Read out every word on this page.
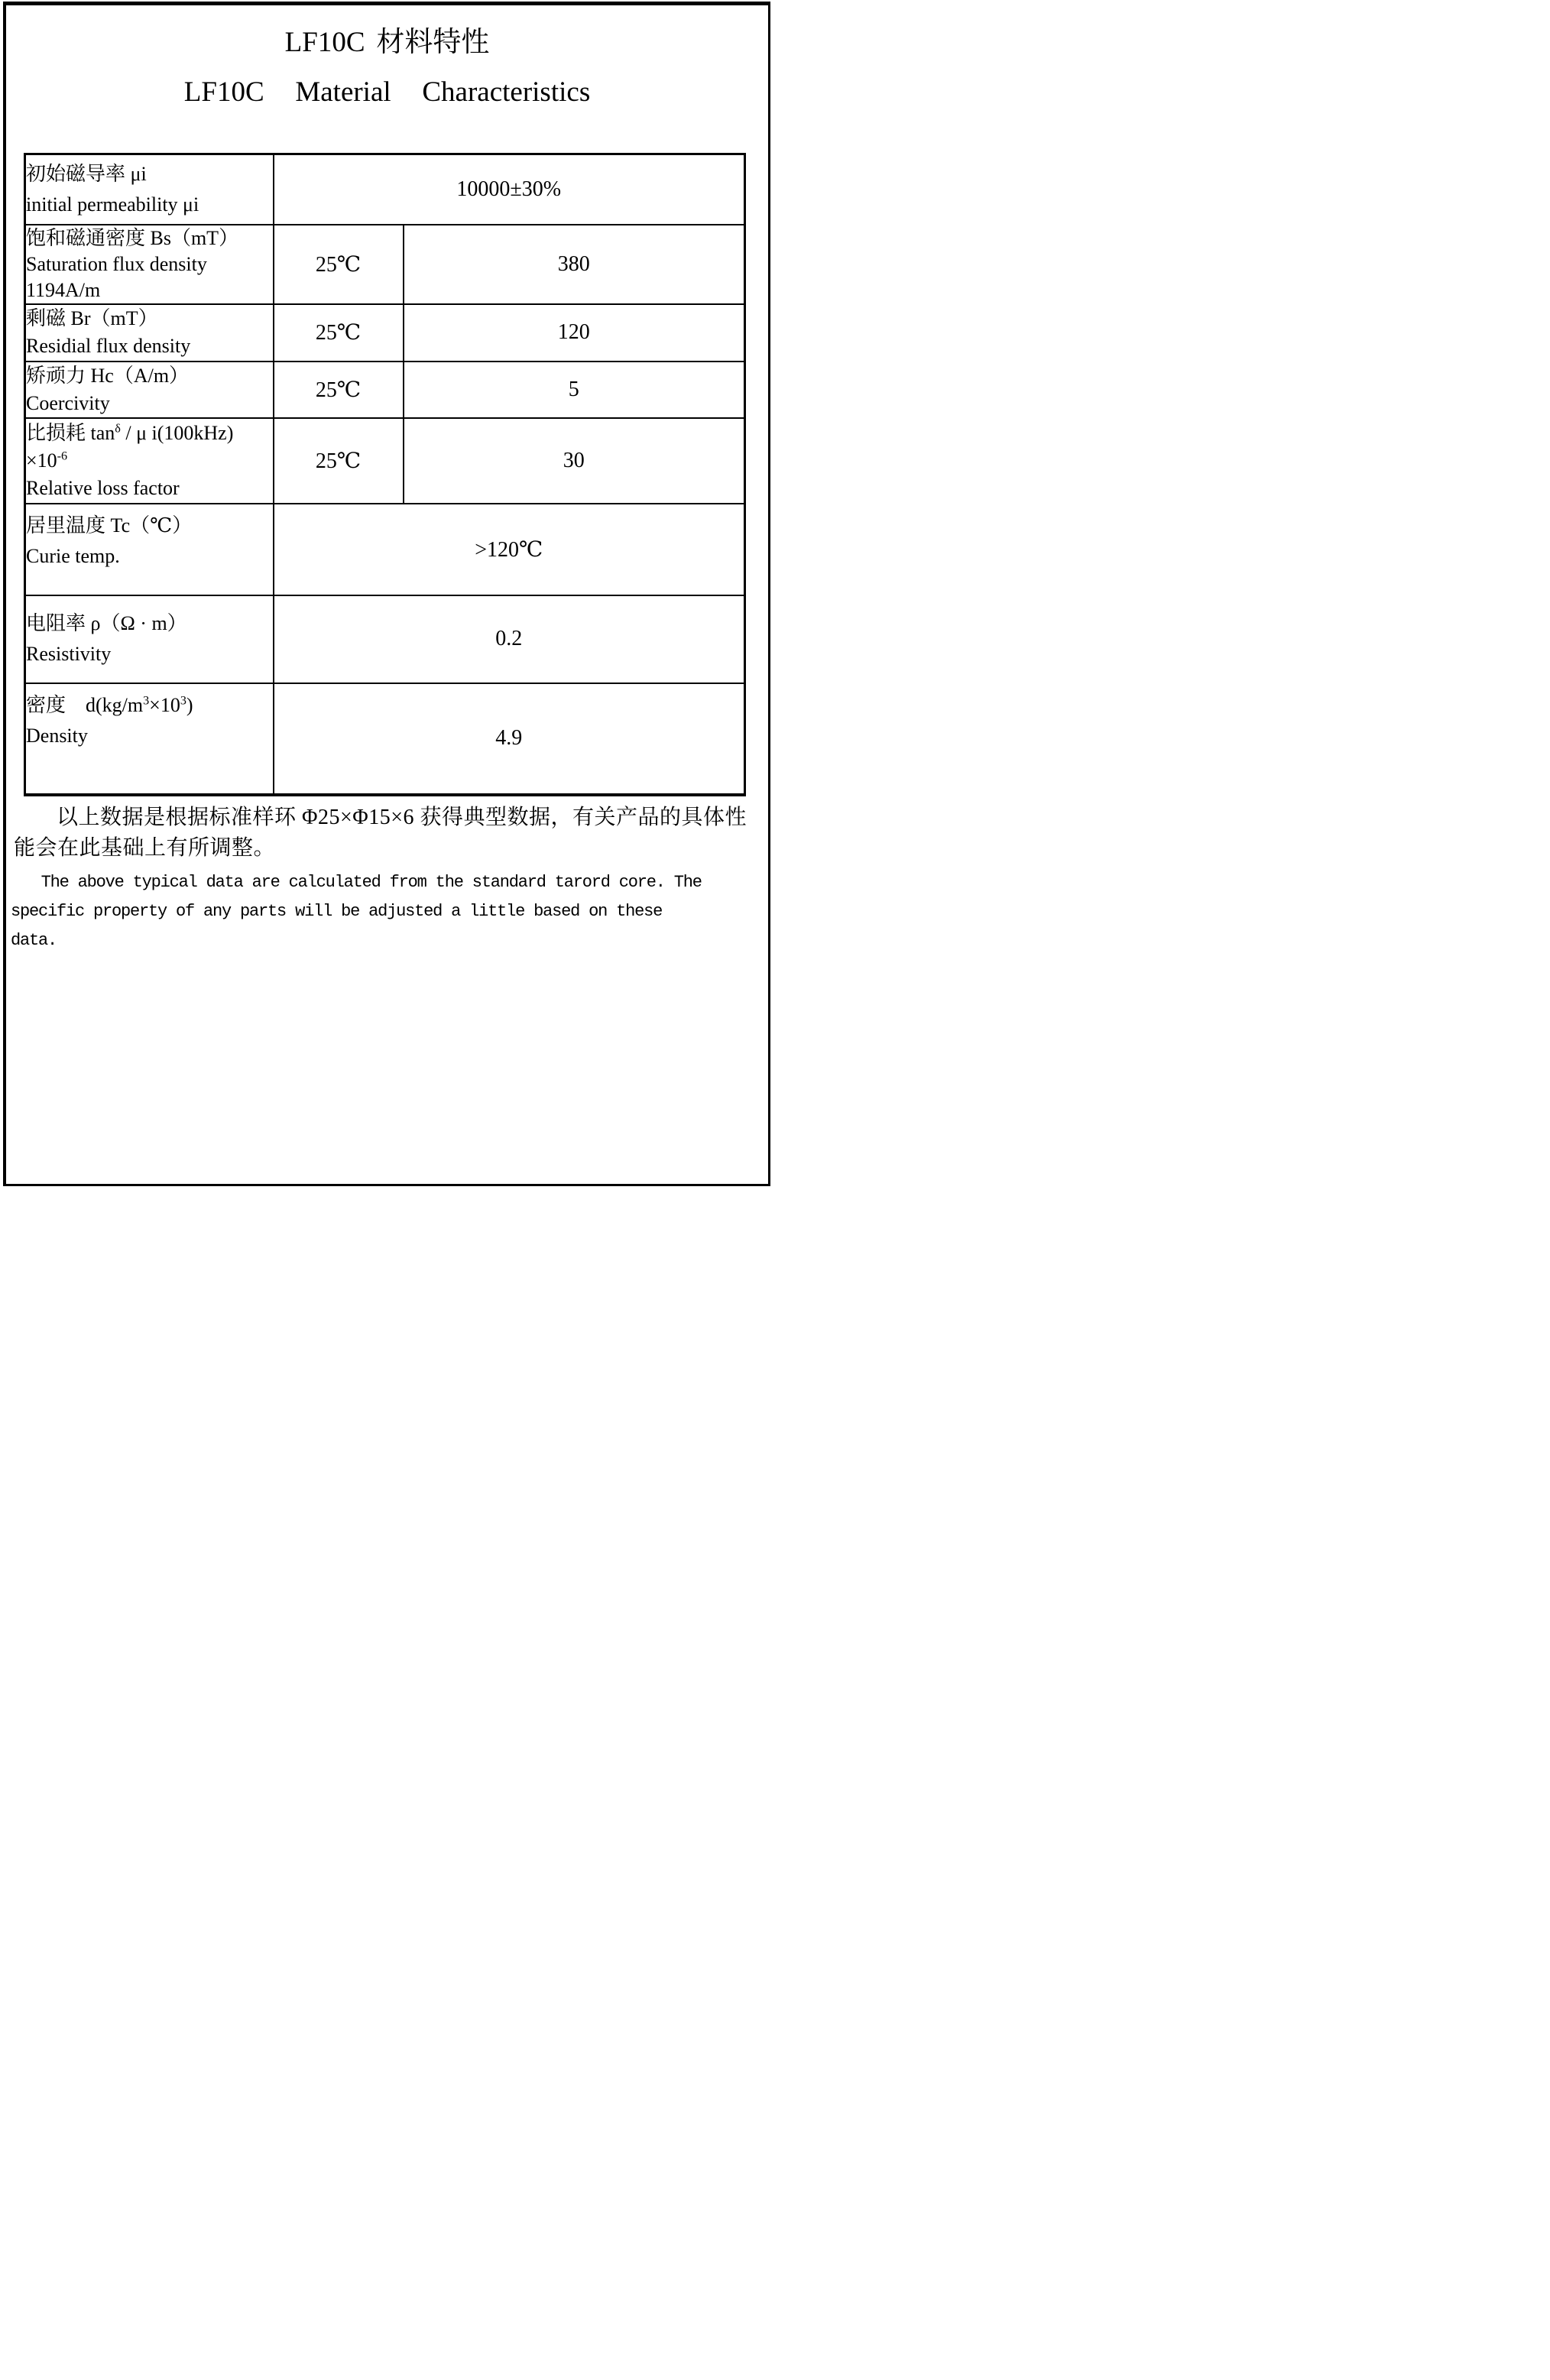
LF10C 材料特性
LF10C Material Characteristics
初始磁导率 μi
initial permeability μi	10000±30%	

饱和磁通密度 Bs（mT）
Saturation flux density
1194A/m	25℃	380

剩磁 Br（mT）
Residial flux density	25℃	120

矫顽力 Hc（A/m）
Coercivity	25℃	5

比损耗 $\tan^\delta$ / μ i(100kHz)
$\times 10^{-6}$
Relative loss factor	25℃	30

居里温度 Tc（℃）
Curie temp.	>120℃	

电阻率 ρ（Ω · m）
Resistivity	0.2	

密度　$d(kg/m^3\times 10^3)$
Density	4.9	
以上数据是根据标准样环 Φ25×Φ15×6 获得典型数据，有关产品的具体性
能会在此基础上有所调整。
The above typical data are calculated from the standard tarord core. The
specific property of any parts will be adjusted a little based on these
data.
